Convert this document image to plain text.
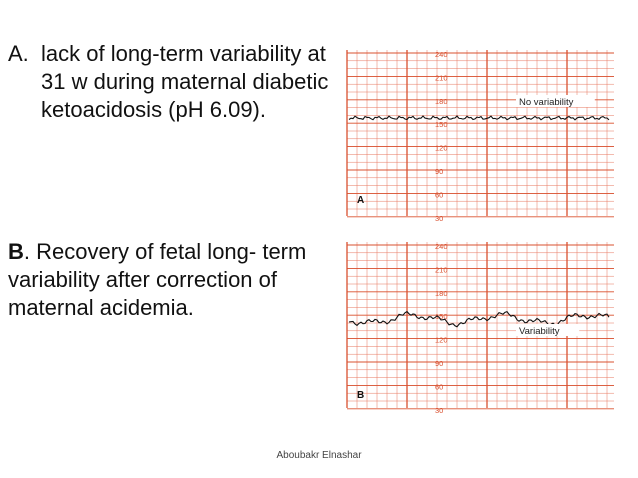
A. lack of long-term variability at 31 w during maternal diabetic ketoacidosis (pH 6.09).
B. Recovery of fetal long- term variability after correction of maternal acidemia.
240
210
180
150
120
90
60
30
No variability
A
240
210
180
150
120
90
60
30
Variability
B
Aboubakr Elnashar
